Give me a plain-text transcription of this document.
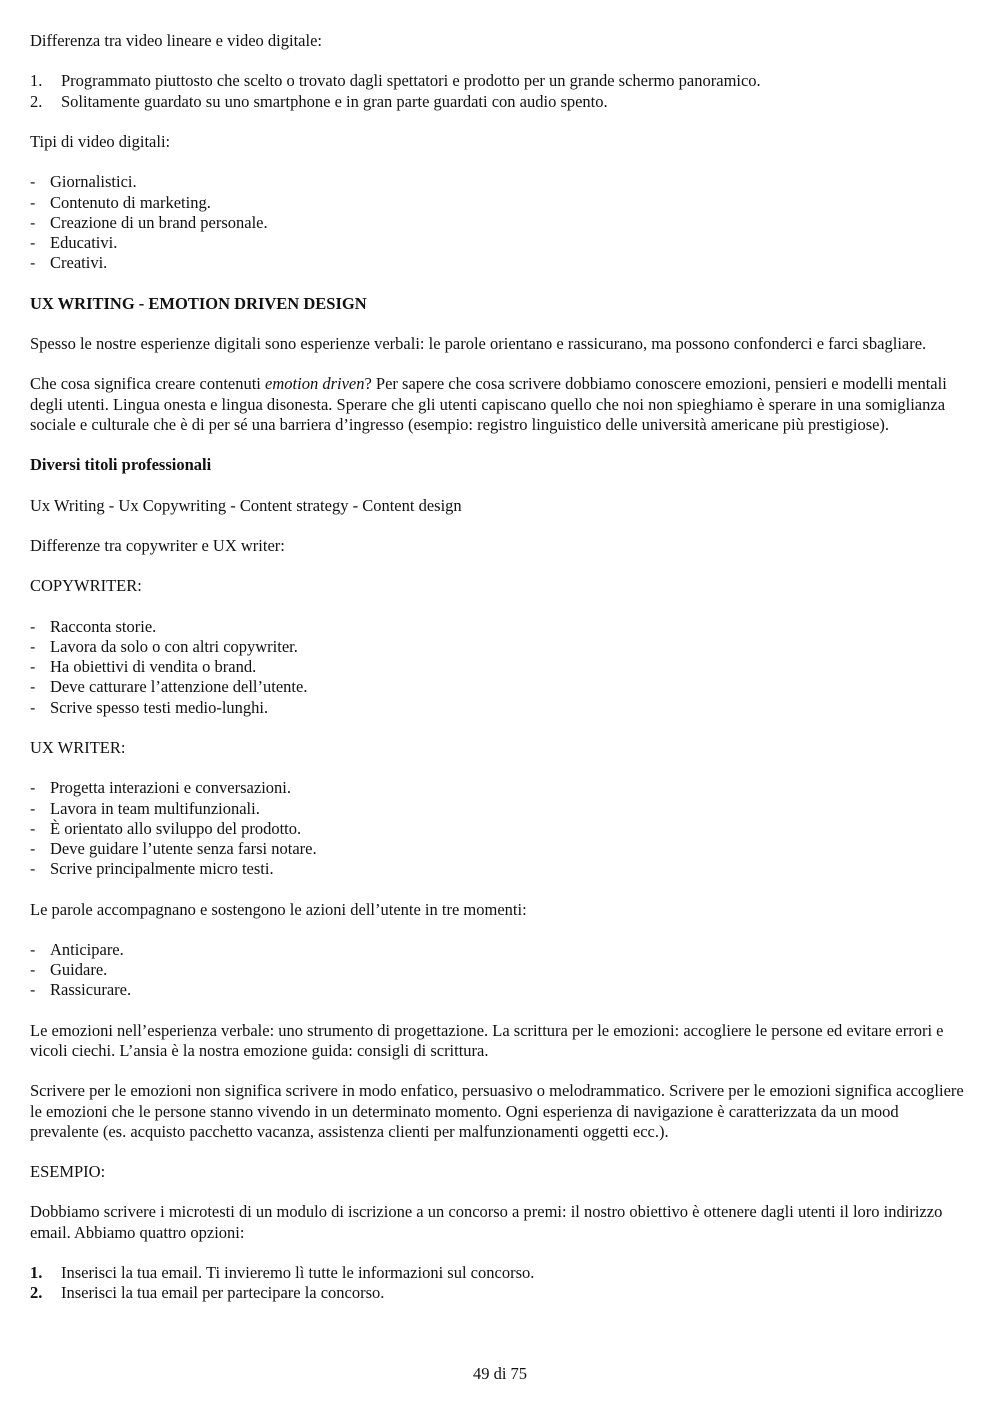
Differenza tra video lineare e video digitale:

1. Programmato piuttosto che scelto o trovato dagli spettatori e prodotto per un grande schermo panoramico.
2. Solitamente guardato su uno smartphone e in gran parte guardati con audio spento.

Tipi di video digitali:

- Giornalistici.
- Contenuto di marketing.
- Creazione di un brand personale.
- Educativi.
- Creativi.

UX WRITING - EMOTION DRIVEN DESIGN

Spesso le nostre esperienze digitali sono esperienze verbali: le parole orientano e rassicurano, ma possono confonderci e farci sbagliare.

Che cosa significa creare contenuti emotion driven? Per sapere che cosa scrivere dobbiamo conoscere emozioni, pensieri e modelli mentali degli utenti. Lingua onesta e lingua disonesta. Sperare che gli utenti capiscano quello che noi non spieghiamo è sperare in una somiglianza sociale e culturale che è di per sé una barriera d’ingresso (esempio: registro linguistico delle università americane più prestigiose).

Diversi titoli professionali

Ux Writing - Ux Copywriting - Content strategy - Content design

Differenze tra copywriter e UX writer:

COPYWRITER:

- Racconta storie.
- Lavora da solo o con altri copywriter.
- Ha obiettivi di vendita o brand.
- Deve catturare l’attenzione dell’utente.
- Scrive spesso testi medio-lunghi.

UX WRITER:

- Progetta interazioni e conversazioni.
- Lavora in team multifunzionali.
- È orientato allo sviluppo del prodotto.
- Deve guidare l’utente senza farsi notare.
- Scrive principalmente micro testi.

Le parole accompagnano e sostengono le azioni dell’utente in tre momenti:

- Anticipare.
- Guidare.
- Rassicurare.

Le emozioni nell’esperienza verbale: uno strumento di progettazione. La scrittura per le emozioni: accogliere le persone ed evitare errori e vicoli ciechi. L’ansia è la nostra emozione guida: consigli di scrittura.

Scrivere per le emozioni non significa scrivere in modo enfatico, persuasivo o melodrammatico. Scrivere per le emozioni significa accogliere le emozioni che le persone stanno vivendo in un determinato momento. Ogni esperienza di navigazione è caratterizzata da un mood prevalente (es. acquisto pacchetto vacanza, assistenza clienti per malfunzionamenti oggetti ecc.).

ESEMPIO:

Dobbiamo scrivere i microtesti di un modulo di iscrizione a un concorso a premi: il nostro obiettivo è ottenere dagli utenti il loro indirizzo email. Abbiamo quattro opzioni:

1. Inserisci la tua email. Ti invieremo lì tutte le informazioni sul concorso.
2. Inserisci la tua email per partecipare la concorso.
49 di 75
